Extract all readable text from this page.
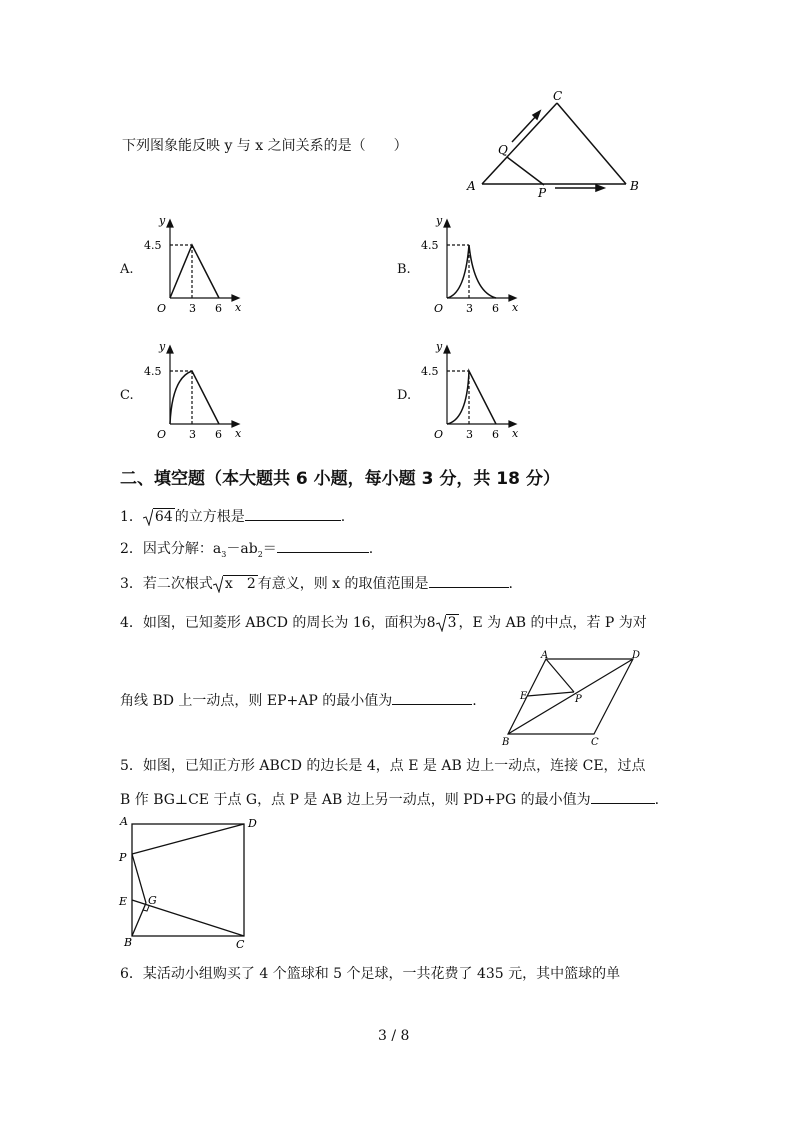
下列图象能反映 y 与 x 之间关系的是（　　）
C
Q
A	P	B
A.	B.
C.	D.
y
4.5
O 3 6 x
y
4.5
O 3 6 x
y
4.5
O 3 6 x
y
4.5
O 3 6 x
二、填空题（本大题共 6 小题，每小题 3 分，共 18 分）
1． 64 的立方根是	.
2．因式分解：$a_3-ab_2=$	.
3．若二次根式 x　2 有意义，则 x 的取值范围是	.
4．如图，已知菱形 ABCD 的周长为 16，面积为8 3 ，E 为 AB 的中点，若 P 为对
角线 BD 上一动点，则 EP+AP 的最小值为	.
A	D
E	P
B	C
5．如图，已知正方形 ABCD 的边长是 4，点 E 是 AB 边上一动点，连接 CE，过点
B 作 BG⊥CE 于点 G，点 P 是 AB 边上另一动点，则 PD+PG 的最小值为	.
A	D
P
G
E
B	C
6．某活动小组购买了 4 个篮球和 5 个足球，一共花费了 435 元，其中篮球的单
3 / 8
